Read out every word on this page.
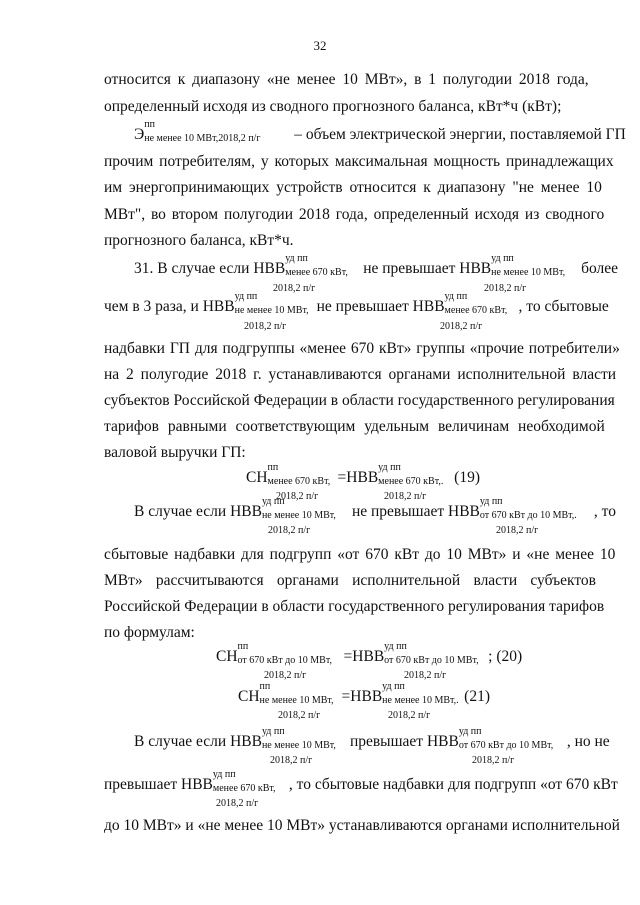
32
относится к диапазону «не менее 10 МВт», в 1 полугодии 2018 года,
определенный исходя из сводного прогнозного баланса, кВт*ч (кВт);
Э
пп
не менее 10 МВт,2018,2 п/г – объем электрической энергии, поставляемой ГП
прочим потребителям, у которых максимальная мощность принадлежащих
им энергопринимающих устройств относится к диапазону "не менее 10
МВт", во втором полугодии 2018 года, определенный исходя из сводного
прогнозного баланса, кВт*ч.
31. В случае если НВВ
уд пп
менее 670 кВт, не превышает НВВ
уд пп
не менее 10 МВт, более
2018,2 п/г	2018,2 п/г
чем в 3 раза, и НВВ
уд пп
не менее 10 МВт, не превышает НВВ
уд пп
менее 670 кВт, , то сбытовые
2018,2 п/г	2018,2 п/г
надбавки ГП для подгруппы «менее 670 кВт» группы «прочие потребители»
на 2 полугодие 2018 г. устанавливаются органами исполнительной власти
субъектов Российской Федерации в области государственного регулирования
тарифов равными соответствующим удельным величинам необходимой
валовой выручки ГП:
СН
пп
менее 670 кВт, =НВВ
уд пп
менее 670 кВт,. (19)
2018,2 п/г	2018,2 п/г
В случае если НВВ
уд пп
не менее 10 МВт, не превышает НВВ
уд пп
от 670 кВт до 10 МВт,. , то
2018,2 п/г	2018,2 п/г
сбытовые надбавки для подгрупп «от 670 кВт до 10 МВт» и «не менее 10
МВт» рассчитываются органами исполнительной власти субъектов
Российской Федерации в области государственного регулирования тарифов
по формулам:
СН
пп
от 670 кВт до 10 МВт, =НВВ
уд пп
от 670 кВт до 10 МВт, ; (20)
2018,2 п/г	2018,2 п/г
СН
пп
не менее 10 МВт, =НВВ
уд пп
не менее 10 МВт,. (21)
2018,2 п/г	2018,2 п/г
В случае если НВВ
уд пп
не менее 10 МВт, превышает НВВ
уд пп
от 670 кВт до 10 МВт, , но не
2018,2 п/г	2018,2 п/г
превышает НВВ
уд пп
менее 670 кВт, , то сбытовые надбавки для подгрупп «от 670 кВт
2018,2 п/г
до 10 МВт» и «не менее 10 МВт» устанавливаются органами исполнительной
